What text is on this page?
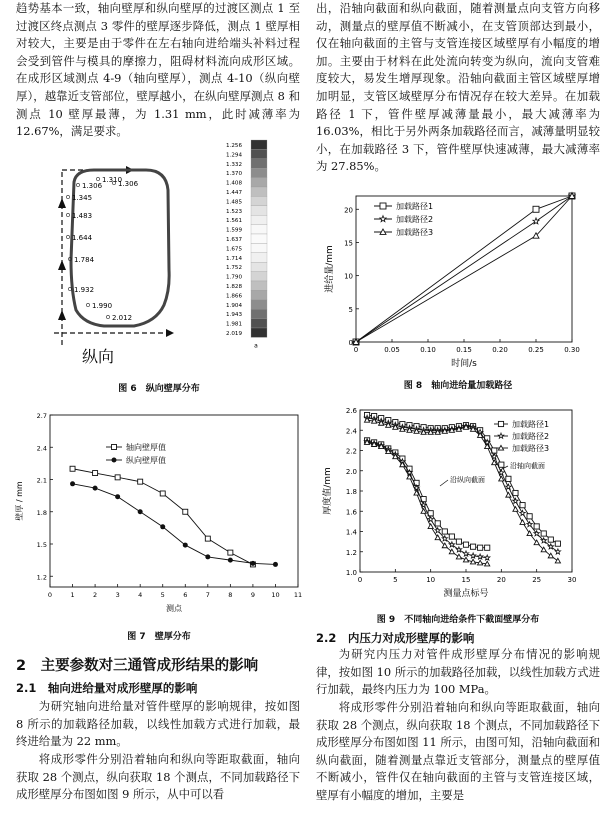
趋势基本一致，轴向壁厚和纵向壁厚的过渡区测点 1 至过渡区终点测点 3 零件的壁厚逐步降低，测点 1 壁厚相对较大，主要是由于零件在左右轴向进给端头补料过程会受到管件与模具的摩擦力，阻碍材料流向成形区域。在成形区域测点 4-9（轴向壁厚），测点 4-10（纵向壁厚），越靠近支管部位，壁厚越小，在纵向壁厚测点 8 和测点 10 壁厚最薄，为 1.31 mm，此时减薄率为 12.67%，满足要求。

1.310
1.306 1.306
1.345
1.483
1.644
1.784
1.932
1.990
2.012
纵向
1.256
1.294
1.332
1.370
1.408
1.447
1.485
1.523
1.561
1.599
1.637
1.675
1.714
1.752
1.790
1.828
1.866
1.904
1.943
1.981
2.019
a
图 6　纵向壁厚分布
0	1	2	3	4	5	6	7	8	9	10 11
1.2
1.5
1.8
2.1
2.4
2.7
测点
壁厚 / mm
轴向壁厚值
纵向壁厚值
图 7　壁厚分布
2　主要参数对三通管成形结果的影响
2.1　轴向进给量对成形壁厚的影响

为研究轴向进给量对管件壁厚的影响规律，按如图 8 所示的加载路径加载，以线性加载方式进行加载，最终进给量为 22 mm。

将成形零件分别沿着轴向和纵向等距取截面，轴向获取 28 个测点，纵向获取 18 个测点，不同加载路径下成形壁厚分布图如图 9 所示，从中可以看

出，沿轴向截面和纵向截面，随着测量点向支管方向移动，测量点的壁厚值不断减小，在支管顶部达到最小，仅在轴向截面的主管与支管连接区域壁厚有小幅度的增加。主要由于材料在此处流向转变为纵向，流向支管难度较大，易发生增厚现象。沿轴向截面主管区域壁厚增加明显，支管区域壁厚分布情况存在较大差异。在加载路径 1 下，管件壁厚减薄量最小，最大减薄率为 16.03%，相比于另外两条加载路径而言，减薄量明显较小，在加载路径 3 下，管件壁厚快速减薄，最大减薄率为 27.85%。

0	0.05	0.10	0.15	0.20	0.25	0.30
0
5
10
15
20
时间/s
进给量/mm
加载路径1
加载路径2
加载路径3
图 8　轴向进给量加载路径
0	5	10	15	20	25	30
1.0
1.2
1.4
1.6
1.8
2.0
2.2
2.4
2.6
测量点标号
厚度值/mm
加载路径1
加载路径2
加载路径3
沿轴向截面
沿纵向截面
图 9　不同轴向进给条件下截面壁厚分布
2.2　内压力对成形壁厚的影响

为研究内压力对管件成形壁厚分布情况的影响规律，按如图 10 所示的加载路径加载，以线性加载方式进行加载，最终内压力为 100 MPa。

将成形零件分别沿着轴向和纵向等距取截面，轴向获取 28 个测点，纵向获取 18 个测点，不同加载路径下成形壁厚分布图如图 11 所示，由图可知，沿轴向截面和纵向截面，随着测量点靠近支管部分，测量点的壁厚值不断减小，管件仅在轴向截面的主管与支管连接区域，壁厚有小幅度的增加，主要是
